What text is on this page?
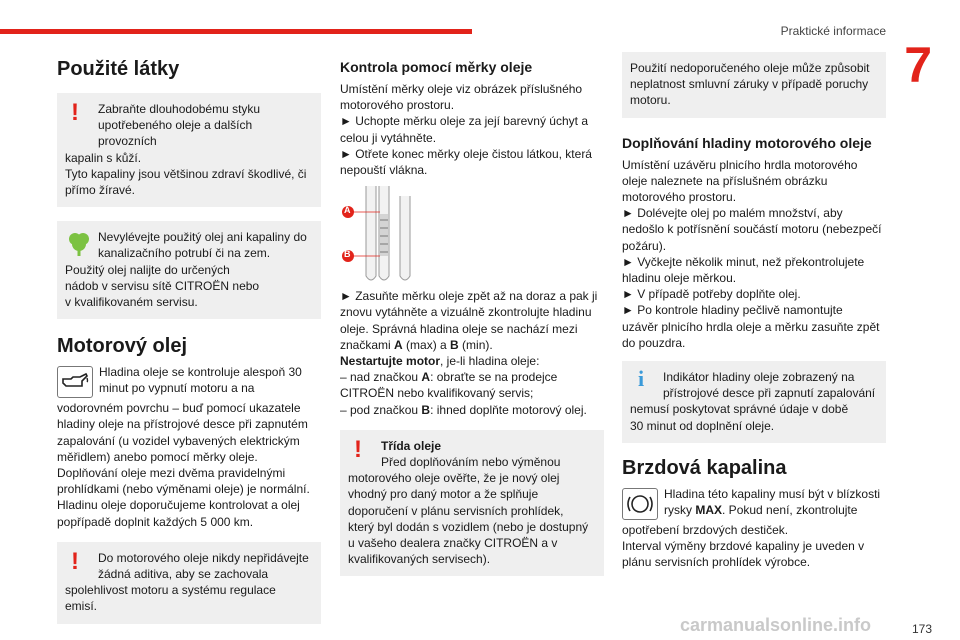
Praktické informace
7
Použité látky
!	Zabraňte dlouhodobému styku
upotřebeného oleje a dalších provozních
kapalin s kůží.
Tyto kapaliny jsou většinou zdraví škodlivé, či
přímo žíravé.
Nevylévejte použitý olej ani kapaliny do
kanalizačního potrubí či na zem.
Použitý olej nalijte do určených
nádob v servisu sítě CITROËN nebo
v kvalifikovaném servisu.
Motorový olej

Hladina oleje se kontroluje alespoň 30

minut po vypnutí motoru a na

vodorovném povrchu – buď pomocí ukazatele

hladiny oleje na přístrojové desce při zapnutém

zapalování (u vozidel vybavených elektrickým

měřidlem) anebo pomocí měrky oleje.

Doplňování oleje mezi dvěma pravidelnými

prohlídkami (nebo výměnami oleje) je normální.

Hladinu oleje doporučujeme kontrolovat a olej

popřípadě doplnit každých 5 000 km.

!	Do motorového oleje nikdy nepřidávejte
žádná aditiva, aby se zachovala
spolehlivost motoru a systému regulace
emisí.
Kontrola pomocí měrky oleje

Umístění měrky oleje viz obrázek příslušného

motorového prostoru.

► Uchopte měrku oleje za její barevný úchyt a

celou ji vytáhněte.

► Otřete konec měrky oleje čistou látkou, která

nepouští vlákna.

A
B

► Zasuňte měrku oleje zpět až na doraz a pak ji

znovu vytáhněte a vizuálně zkontrolujte hladinu

oleje. Správná hladina oleje se nachází mezi

značkami A (max) a B (min).

Nestartujte motor, je-li hladina oleje:

– nad značkou A: obraťte se na prodejce

CITROËN nebo kvalifikovaný servis;

– pod značkou B: ihned doplňte motorový olej.

!	Třída oleje
Před doplňováním nebo výměnou
motorového oleje ověřte, že je nový olej
vhodný pro daný motor a že splňuje
doporučení v plánu servisních prohlídek,
který byl dodán s vozidlem (nebo je dostupný
u vašeho dealera značky CITROËN a v
kvalifikovaných servisech).
Použití nedoporučeného oleje může způsobit
neplatnost smluvní záruky v případě poruchy
motoru.
Doplňování hladiny motorového oleje

Umístění uzávěru plnicího hrdla motorového

oleje naleznete na příslušném obrázku

motorového prostoru.

► Dolévejte olej po malém množství, aby

nedošlo k potřísnění součástí motoru (nebezpečí

požáru).

► Vyčkejte několik minut, než překontrolujete

hladinu oleje měrkou.

► V případě potřeby doplňte olej.

► Po kontrole hladiny pečlivě namontujte

uzávěr plnicího hrdla oleje a měrku zasuňte zpět

do pouzdra.

i	Indikátor hladiny oleje zobrazený na
přístrojové desce při zapnutí zapalování
nemusí poskytovat správné údaje v době
30 minut od doplnění oleje.
Brzdová kapalina

Hladina této kapaliny musí být v blízkosti

rysky MAX. Pokud není, zkontrolujte

opotřebení brzdových destiček.

Interval výměny brzdové kapaliny je uveden v

plánu servisních prohlídek výrobce.

carmanualsonline.info	173
